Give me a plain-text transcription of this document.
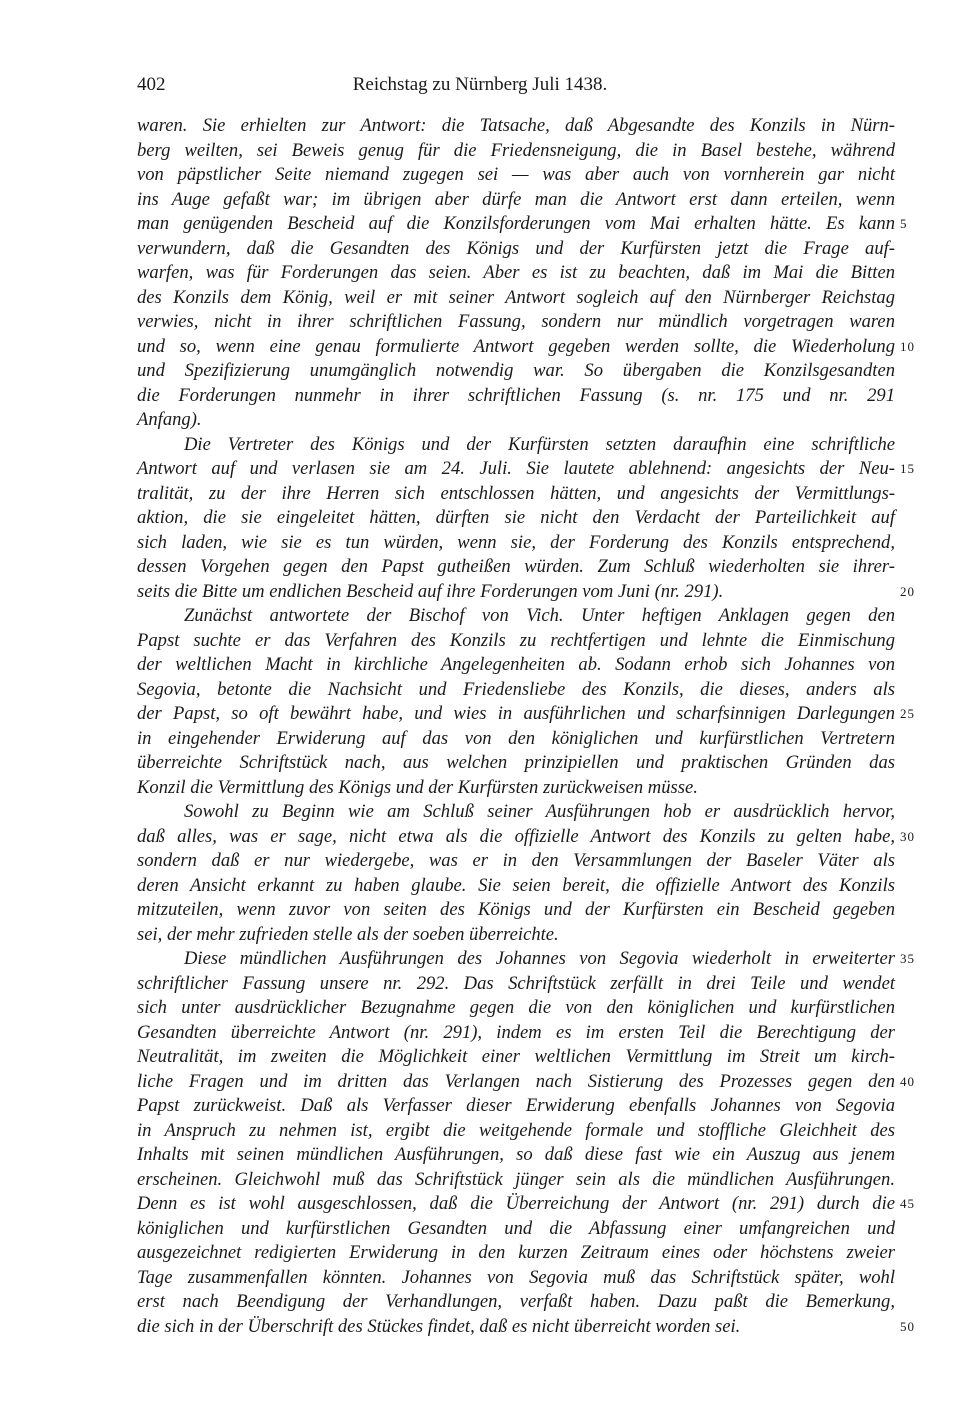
402	Reichstag zu Nürnberg Juli 1438.
waren. Sie erhielten zur Antwort: die Tatsache, daß Abgesandte des Konzils in Nürn-
berg weilten, sei Beweis genug für die Friedensneigung, die in Basel bestehe, während
von päpstlicher Seite niemand zugegen sei — was aber auch von vornherein gar nicht
ins Auge gefaßt war; im übrigen aber dürfe man die Antwort erst dann erteilen, wenn
man genügenden Bescheid auf die Konzilsforderungen vom Mai erhalten hätte. Es kann 5
verwundern, daß die Gesandten des Königs und der Kurfürsten jetzt die Frage auf-
warfen, was für Forderungen das seien. Aber es ist zu beachten, daß im Mai die Bitten
des Konzils dem König, weil er mit seiner Antwort sogleich auf den Nürnberger Reichstag
verwies, nicht in ihrer schriftlichen Fassung, sondern nur mündlich vorgetragen waren
und so, wenn eine genau formulierte Antwort gegeben werden sollte, die Wiederholung 10
und Spezifizierung unumgänglich notwendig war. So übergaben die Konzilsgesandten
die Forderungen nunmehr in ihrer schriftlichen Fassung (s. nr. 175 und nr. 291
Anfang).
Die Vertreter des Königs und der Kurfürsten setzten daraufhin eine schriftliche
Antwort auf und verlasen sie am 24. Juli. Sie lautete ablehnend: angesichts der Neu- 15
tralität, zu der ihre Herren sich entschlossen hätten, und angesichts der Vermittlungs-
aktion, die sie eingeleitet hätten, dürften sie nicht den Verdacht der Parteilichkeit auf
sich laden, wie sie es tun würden, wenn sie, der Forderung des Konzils entsprechend,
dessen Vorgehen gegen den Papst gutheißen würden. Zum Schluß wiederholten sie ihrer-
seits die Bitte um endlichen Bescheid auf ihre Forderungen vom Juni (nr. 291).	20
Zunächst antwortete der Bischof von Vich. Unter heftigen Anklagen gegen den
Papst suchte er das Verfahren des Konzils zu rechtfertigen und lehnte die Einmischung
der weltlichen Macht in kirchliche Angelegenheiten ab. Sodann erhob sich Johannes von
Segovia, betonte die Nachsicht und Friedensliebe des Konzils, die dieses, anders als
der Papst, so oft bewährt habe, und wies in ausführlichen und scharfsinnigen Darlegungen 25
in eingehender Erwiderung auf das von den königlichen und kurfürstlichen Vertretern
überreichte Schriftstück nach, aus welchen prinzipiellen und praktischen Gründen das
Konzil die Vermittlung des Königs und der Kurfürsten zurückweisen müsse.
Sowohl zu Beginn wie am Schluß seiner Ausführungen hob er ausdrücklich hervor,
daß alles, was er sage, nicht etwa als die offizielle Antwort des Konzils zu gelten habe, 30
sondern daß er nur wiedergebe, was er in den Versammlungen der Baseler Väter als
deren Ansicht erkannt zu haben glaube. Sie seien bereit, die offizielle Antwort des Konzils
mitzuteilen, wenn zuvor von seiten des Königs und der Kurfürsten ein Bescheid gegeben
sei, der mehr zufrieden stelle als der soeben überreichte.
Diese mündlichen Ausführungen des Johannes von Segovia wiederholt in erweiterter 35
schriftlicher Fassung unsere nr. 292. Das Schriftstück zerfällt in drei Teile und wendet
sich unter ausdrücklicher Bezugnahme gegen die von den königlichen und kurfürstlichen
Gesandten überreichte Antwort (nr. 291), indem es im ersten Teil die Berechtigung der
Neutralität, im zweiten die Möglichkeit einer weltlichen Vermittlung im Streit um kirch-
liche Fragen und im dritten das Verlangen nach Sistierung des Prozesses gegen den 40
Papst zurückweist. Daß als Verfasser dieser Erwiderung ebenfalls Johannes von Segovia
in Anspruch zu nehmen ist, ergibt die weitgehende formale und stoffliche Gleichheit des
Inhalts mit seinen mündlichen Ausführungen, so daß diese fast wie ein Auszug aus jenem
erscheinen. Gleichwohl muß das Schriftstück jünger sein als die mündlichen Ausführungen.
Denn es ist wohl ausgeschlossen, daß die Überreichung der Antwort (nr. 291) durch die 45
königlichen und kurfürstlichen Gesandten und die Abfassung einer umfangreichen und
ausgezeichnet redigierten Erwiderung in den kurzen Zeitraum eines oder höchstens zweier
Tage zusammenfallen könnten. Johannes von Segovia muß das Schriftstück später, wohl
erst nach Beendigung der Verhandlungen, verfaßt haben. Dazu paßt die Bemerkung,
die sich in der Überschrift des Stückes findet, daß es nicht überreicht worden sei.	50
